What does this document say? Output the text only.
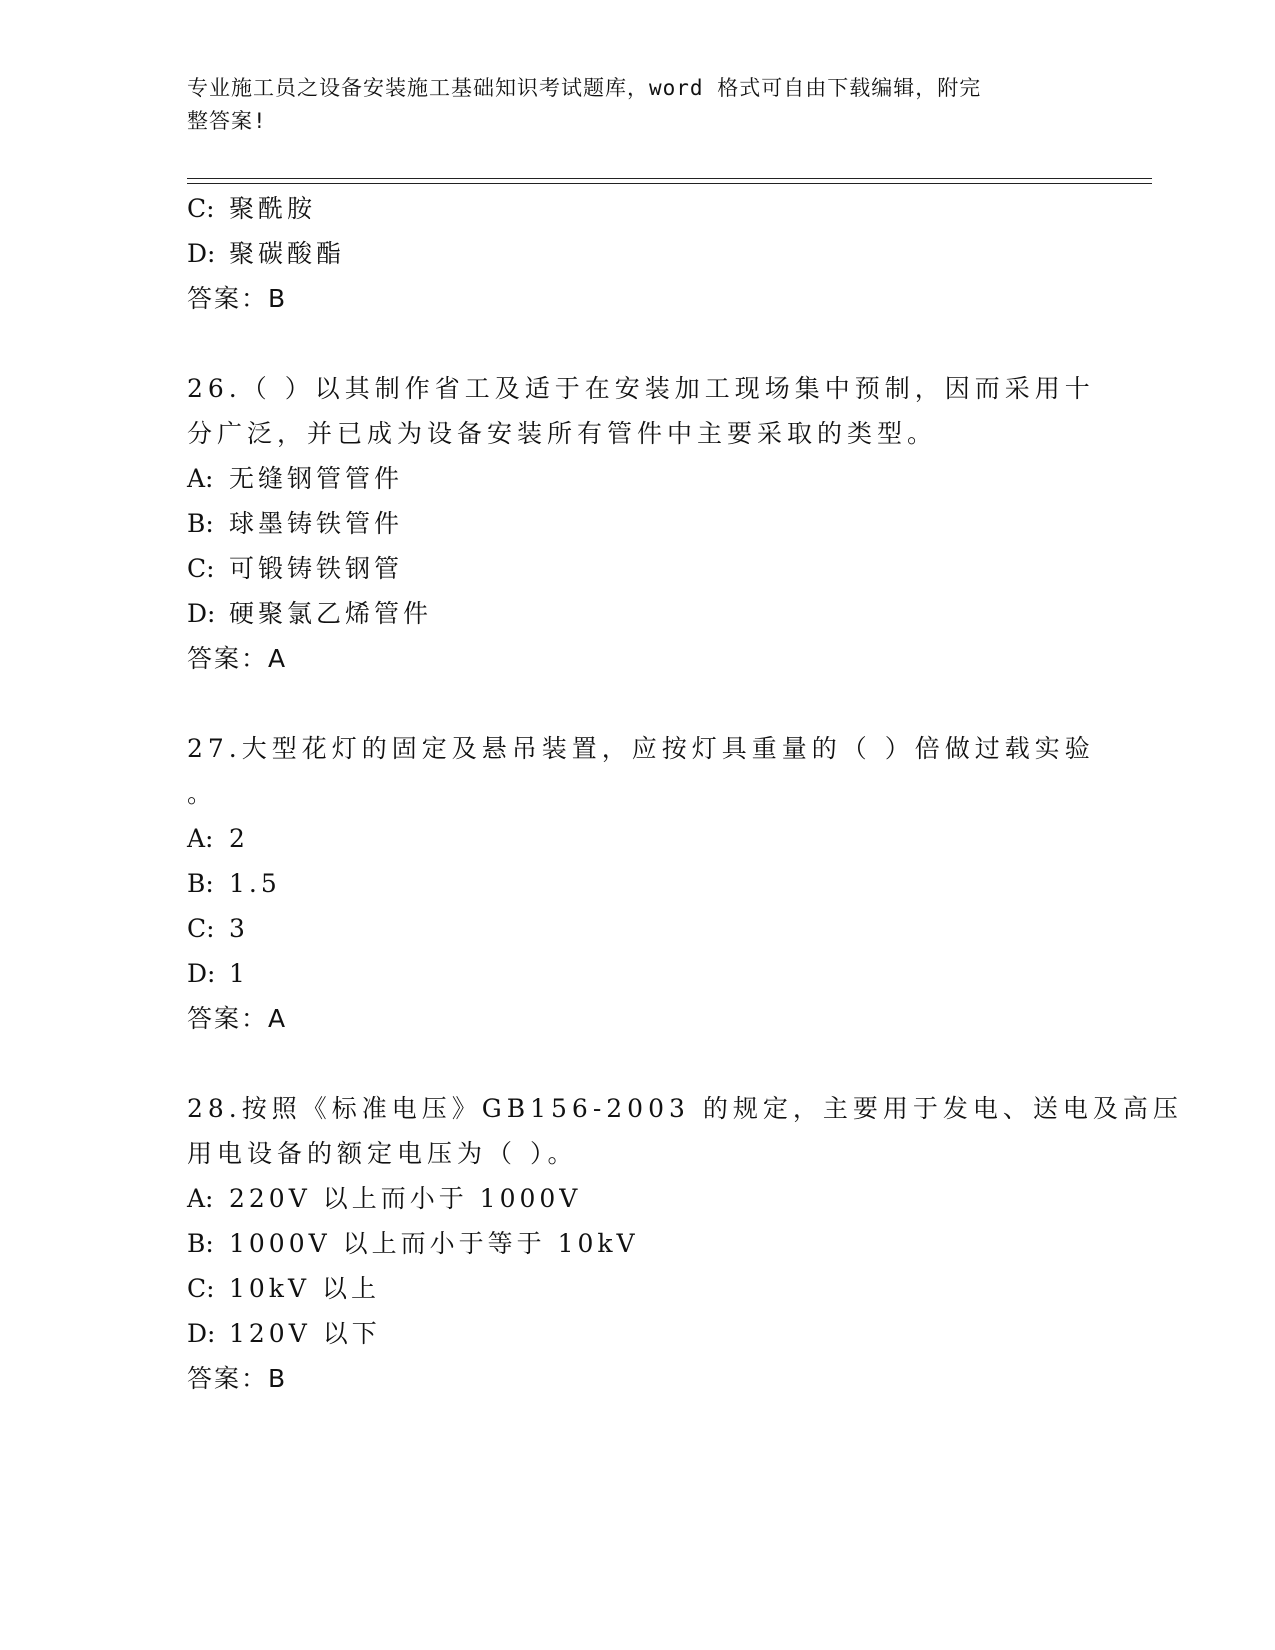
专业施工员之设备安装施工基础知识考试题库，word 格式可自由下载编辑，附完
整答案!
C: 聚酰胺
D: 聚碳酸酯
答案：B
26.（ ）以其制作省工及适于在安装加工现场集中预制，因而采用十
分广泛，并已成为设备安装所有管件中主要采取的类型。
A: 无缝钢管管件
B: 球墨铸铁管件
C: 可锻铸铁钢管
D: 硬聚氯乙烯管件
答案：A
27.大型花灯的固定及悬吊装置，应按灯具重量的（ ）倍做过载实验
。
A: 2
B: 1.5
C: 3
D: 1
答案：A
28.按照《标准电压》GB156-2003 的规定，主要用于发电、送电及高压
用电设备的额定电压为（ ）。
A: 220V 以上而小于 1000V
B: 1000V 以上而小于等于 10kV
C: 10kV 以上
D: 120V 以下
答案：B
